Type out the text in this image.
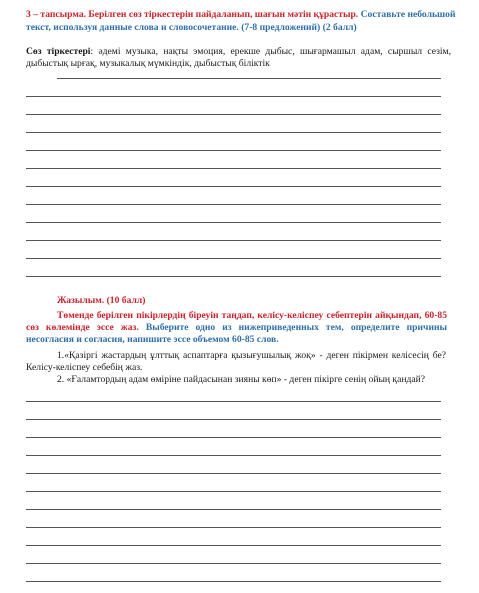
3 – тапсырма. Берілген сөз тіркестерін пайдаланып, шағын мәтін құрастыр. Составьте небольшой текст, используя данные слова и словосочетание. (7-8 предложений) (2 балл)
Сөз тіркестері: әдемі музыка, нақты эмоция, ерекше дыбыс, шығармашыл адам, сыршыл сезім, дыбыстық ырғақ, музыкалық мүмкіндік, дыбыстық біліктік
Жазылым. (10 балл)
Төменде берілген пікірлердің біреуін таңдап, келісу-келіспеу себептерін айқындап, 60-85 сөз көлемінде эссе жаз. Выберите одно из нижеприведенных тем, определите причины несогласия и согласия, напишите эссе объемом 60-85 слов.
1.«Қазіргі жастардың ұлттық аспаптарға қызығушылық жоқ» - деген пікірмен келісесің бе? Келісу-келіспеу себебің жаз.
2. «Ғаламтордың адам өміріне пайдасынан зияны көп» - деген пікірге сенің ойың қандай?
